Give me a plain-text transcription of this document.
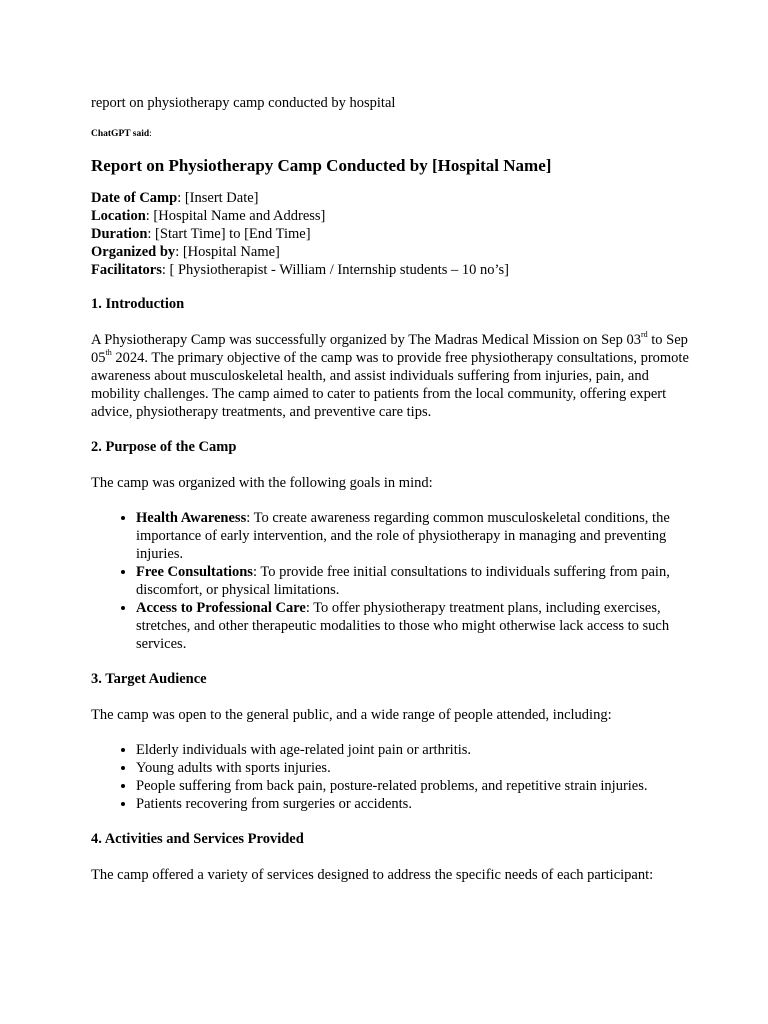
report on physiotherapy camp conducted by hospital

ChatGPT said:

Report on Physiotherapy Camp Conducted by [Hospital Name]

Date of Camp: [Insert Date]

Location: [Hospital Name and Address]

Duration: [Start Time] to [End Time]

Organized by: [Hospital Name]

Facilitators: [ Physiotherapist - William / Internship students – 10 no’s]

1. Introduction

A Physiotherapy Camp was successfully organized by The Madras Medical Mission on Sep 03rd to Sep 05th 2024. The primary objective of the camp was to provide free physiotherapy consultations, promote awareness about musculoskeletal health, and assist individuals suffering from injuries, pain, and mobility challenges. The camp aimed to cater to patients from the local community, offering expert advice, physiotherapy treatments, and preventive care tips.

2. Purpose of the Camp

The camp was organized with the following goals in mind:

• Health Awareness: To create awareness regarding common musculoskeletal conditions, the importance of early intervention, and the role of physiotherapy in managing and preventing injuries.
• Free Consultations: To provide free initial consultations to individuals suffering from pain, discomfort, or physical limitations.
• Access to Professional Care: To offer physiotherapy treatment plans, including exercises, stretches, and other therapeutic modalities to those who might otherwise lack access to such services.
3. Target Audience

The camp was open to the general public, and a wide range of people attended, including:

• Elderly individuals with age-related joint pain or arthritis.
• Young adults with sports injuries.
• People suffering from back pain, posture-related problems, and repetitive strain injuries.
• Patients recovering from surgeries or accidents.
4. Activities and Services Provided

The camp offered a variety of services designed to address the specific needs of each participant:
